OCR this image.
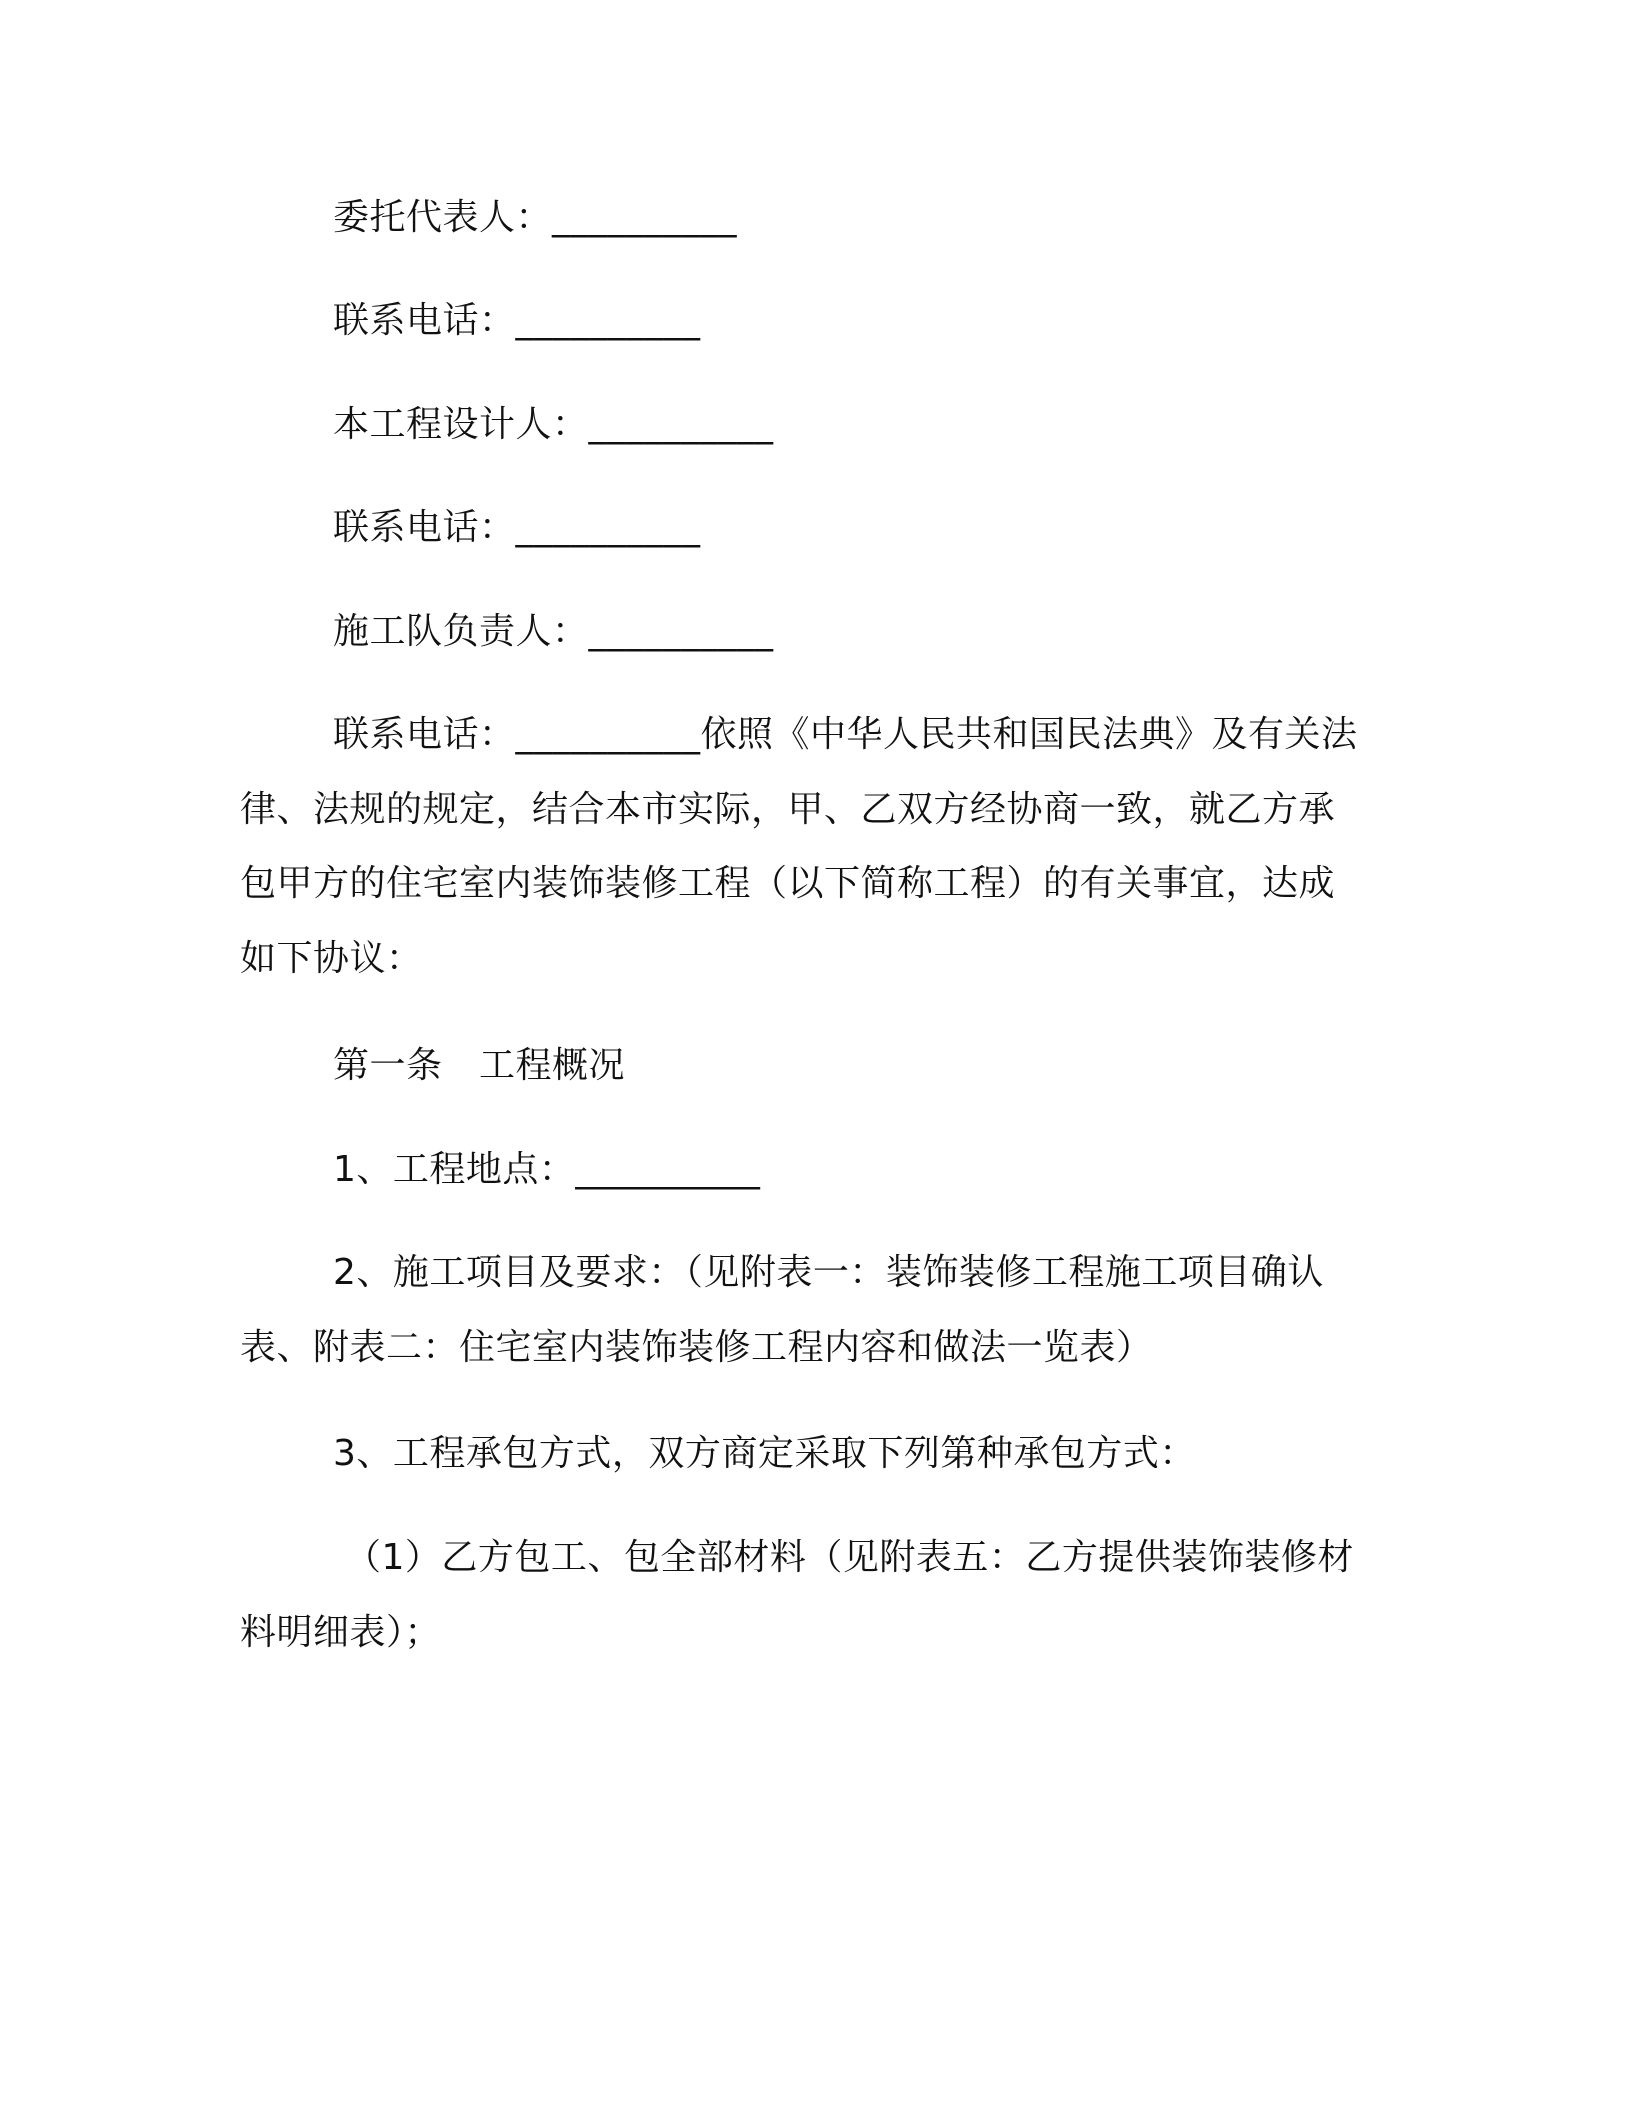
委托代表人：__________
联系电话：__________
本工程设计人：__________
联系电话：__________
施工队负责人：__________
联系电话：__________依照《中华人民共和国民法典》及有关法
律、法规的规定，结合本市实际，甲、乙双方经协商一致，就乙方承
包甲方的住宅室内装饰装修工程（以下简称工程）的有关事宜，达成
如下协议：
第一条　工程概况
1、工程地点：__________
2、施工项目及要求：（见附表一：装饰装修工程施工项目确认
表、附表二：住宅室内装饰装修工程内容和做法一览表）
3、工程承包方式，双方商定采取下列第种承包方式：
（1）乙方包工、包全部材料（见附表五：乙方提供装饰装修材
料明细表）；
